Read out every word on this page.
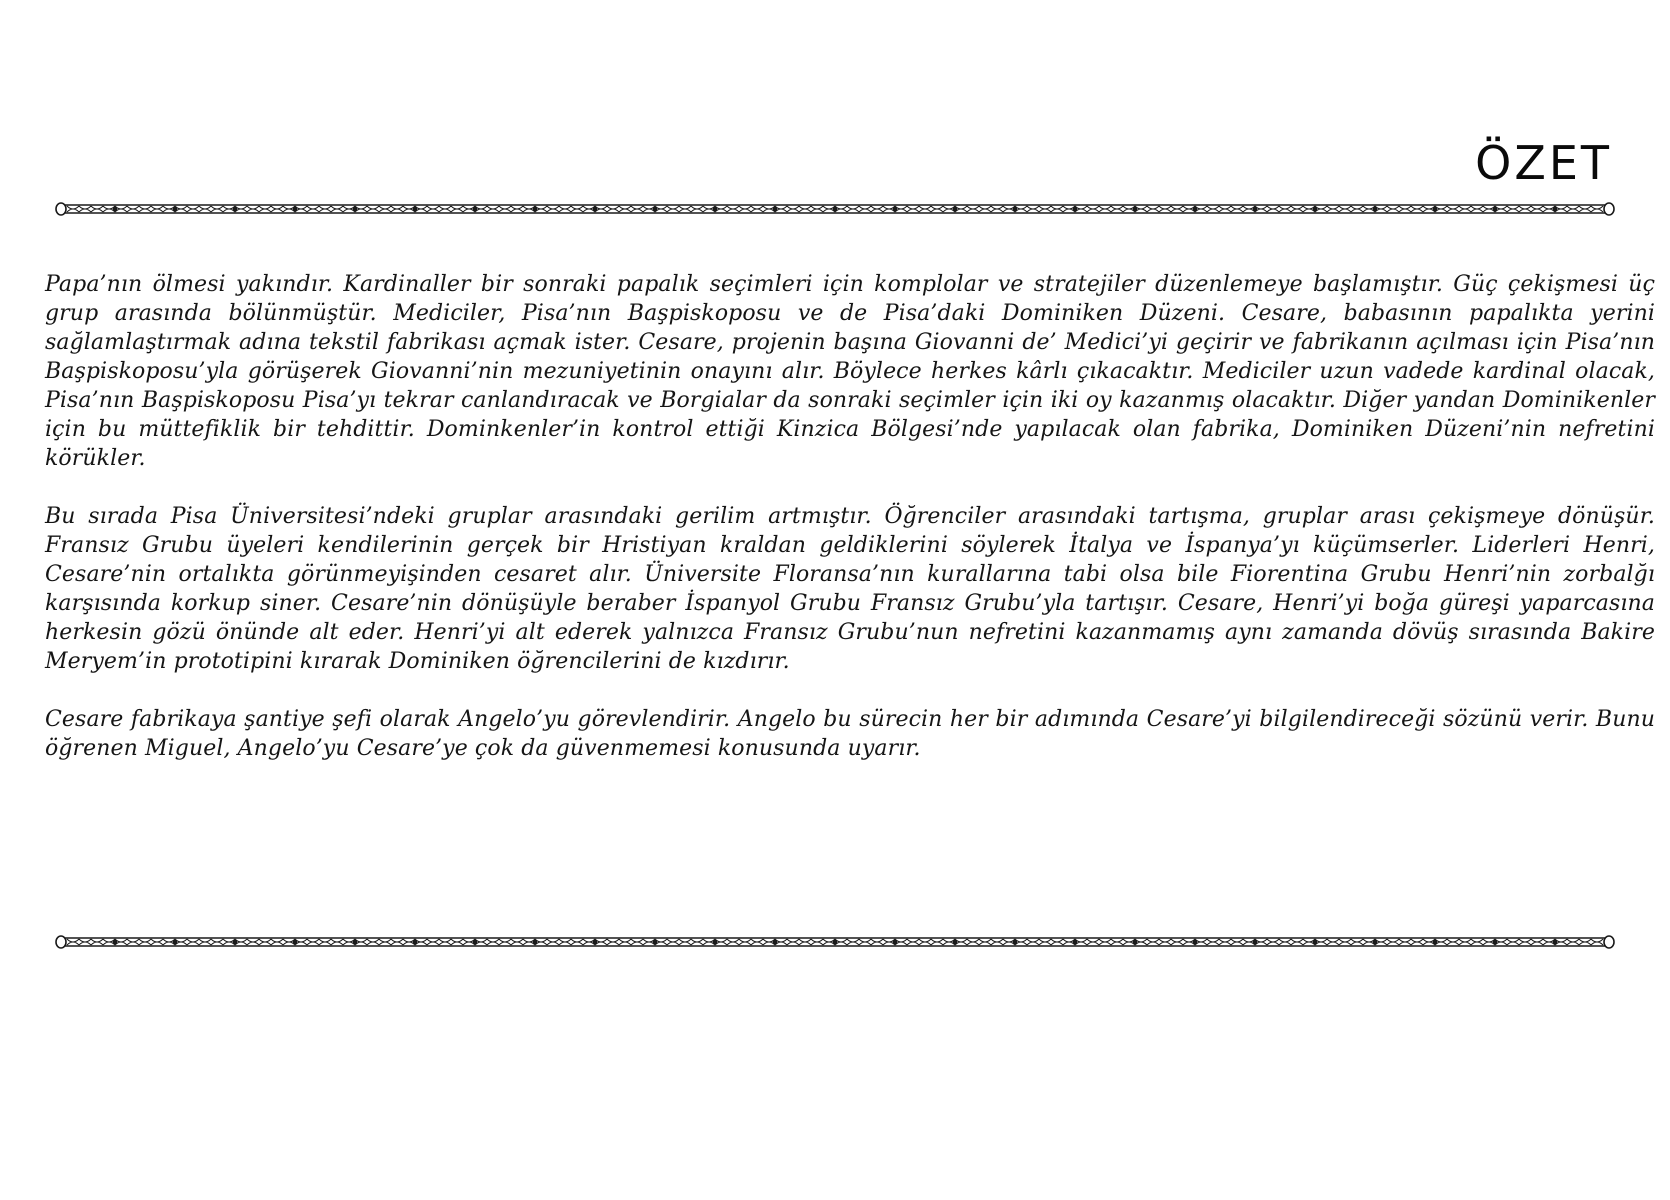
ÖZET

Papa’nın ölmesi yakındır. Kardinaller bir sonraki papalık seçimleri için komplolar ve stratejiler düzenlemeye başlamıştır. Güç çekişmesi üç grup arasında bölünmüştür. Mediciler, Pisa’nın Başpiskoposu ve de Pisa’daki Dominiken Düzeni. Cesare, babasının papalıkta yerini sağlamlaştırmak adına tekstil fabrikası açmak ister. Cesare, projenin başına Giovanni de’ Medici’yi geçirir ve fabrikanın açılması için Pisa’nın Başpiskoposu’yla görüşerek Giovanni’nin mezuniyetinin onayını alır. Böylece herkes kârlı çıkacaktır. Mediciler uzun vadede kardinal olacak, Pisa’nın Başpiskoposu Pisa’yı tekrar canlandıracak ve Borgialar da sonraki seçimler için iki oy kazanmış olacaktır. Diğer yandan Dominikenler için bu müttefiklik bir tehdittir. Dominkenler’in kontrol ettiği Kinzica Bölgesi’nde yapılacak olan fabrika, Dominiken Düzeni’nin nefretini körükler.

Bu sırada Pisa Üniversitesi’ndeki gruplar arasındaki gerilim artmıştır. Öğrenciler arasındaki tartışma, gruplar arası çekişmeye dönüşür. Fransız Grubu üyeleri kendilerinin gerçek bir Hristiyan kraldan geldiklerini söylerek İtalya ve İspanya’yı küçümserler. Liderleri Henri, Cesare’nin ortalıkta görünmeyişinden cesaret alır. Üniversite Floransa’nın kurallarına tabi olsa bile Fiorentina Grubu Henri’nin zorbalğı karşısında korkup siner. Cesare’nin dönüşüyle beraber İspanyol Grubu Fransız Grubu’yla tartışır. Cesare, Henri’yi boğa güreşi yaparcasına herkesin gözü önünde alt eder. Henri’yi alt ederek yalnızca Fransız Grubu’nun nefretini kazanmamış aynı zamanda dövüş sırasında Bakire Meryem’in prototipini kırarak Dominiken öğrencilerini de kızdırır.

Cesare fabrikaya şantiye şefi olarak Angelo’yu görevlendirir. Angelo bu sürecin her bir adımında Cesare’yi bilgilendireceği sözünü verir. Bunu öğrenen Miguel, Angelo’yu Cesare’ye çok da güvenmemesi konusunda uyarır.
